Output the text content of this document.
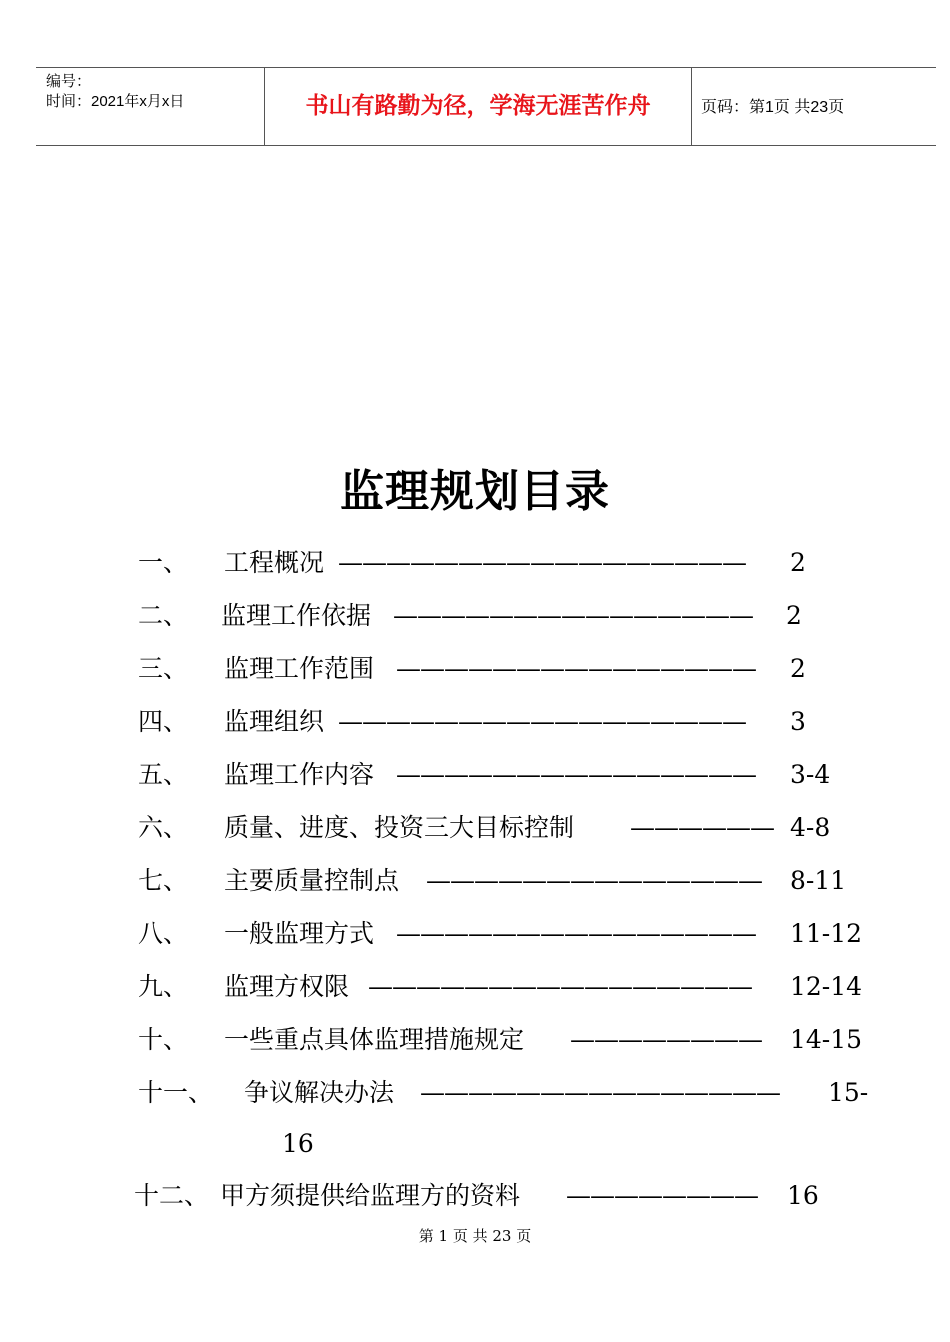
编号：
时间：2021年x月x日	书山有路勤为径，学海无涯苦作舟	页码：第1页 共23页
监理规划目录
一、 工程概况 —————————————————	2
二、 监理工作依据 ———————————————	2
三、 监理工作范围 ———————————————	2
四、 监理组织 —————————————————	3
五、 监理工作内容 ———————————————	3-4
六、 质量、进度、投资三大目标控制 —————— 4-8
七、 主要质量控制点 ——————————————	8-11
八、 一般监理方式 ———————————————	11-12
九、 监理方权限 ————————————————	12-14
十、 一些重点具体监理措施规定 ————————	14-15
十一、 争议解决办法 ———————————————	15-
16
十二、 甲方须提供给监理方的资料 ————————	16
第 1 页 共 23 页
